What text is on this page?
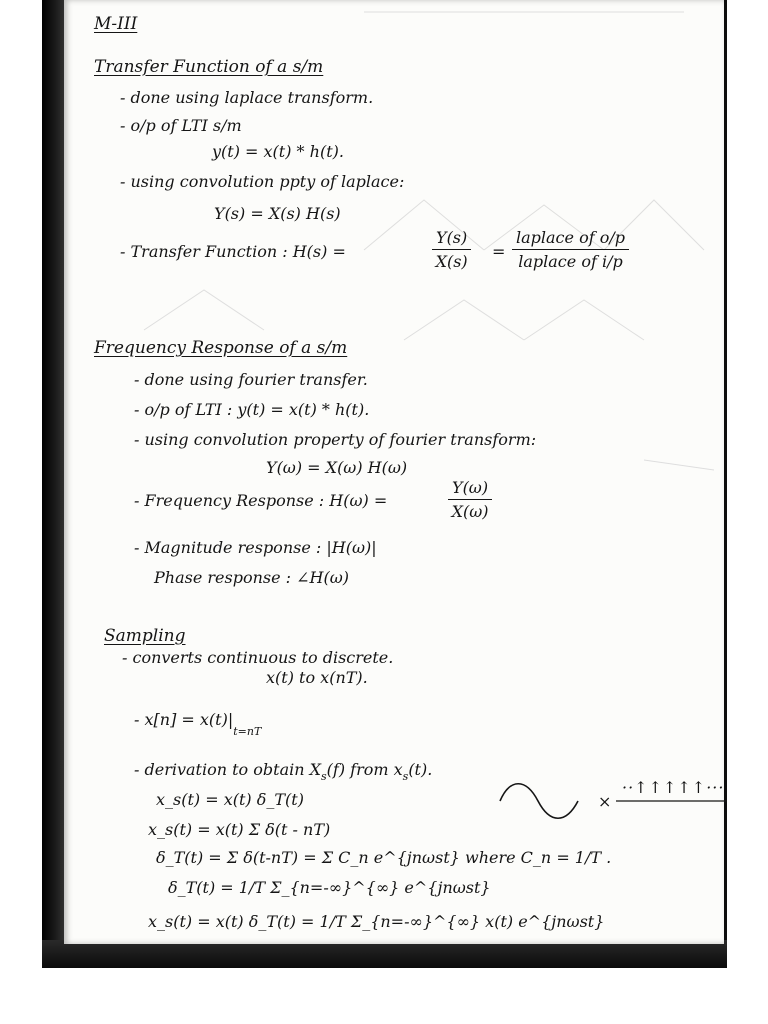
M-III
Transfer Function of a s/m
- done using laplace transform.
- o/p of LTI s/m
y(t) = x(t) * h(t).
- using convolution ppty of laplace:
Y(s) = X(s) H(s)
- Transfer Function : H(s) =	$\frac{Y(s)}{X(s)}$ =
laplace of o/p
laplace of i/p
Frequency Response of a s/m
- done using fourier transfer.
- o/p of LTI : y(t) = x(t) * h(t).
- using convolution property of fourier transform:
Y(ω) = X(ω) H(ω)
- Frequency Response : H(ω) =	$\frac{Y(\omega)}{X(\omega)}$
- Magnitude response : |H(ω)|
Phase response : ∠H(ω)
Sampling
- converts continuous to discrete.
x(t) to x(nT).
- $x[n] = x(t)|_{t=nT}$
- derivation to obtain $X_s(f)$ from $x_s(t)$.
x_s(t) = x(t) δ_T(t)	×
··↑↑↑↑↑···
x_s(t) = x(t) Σ δ(t - nT)
δ_T(t) = Σ δ(t-nT) = Σ C_n e^{jnωst} where C_n = 1/T .
δ_T(t) = 1/T Σ_{n=-∞}^{∞} e^{jnωst}
x_s(t) = x(t) δ_T(t) = 1/T Σ_{n=-∞}^{∞} x(t) e^{jnωst}
